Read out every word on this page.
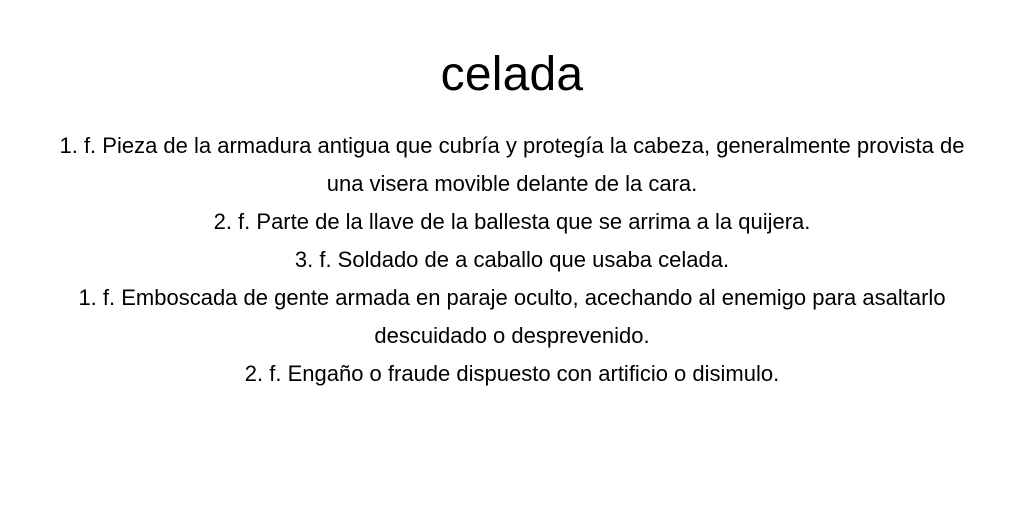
celada
1. f. Pieza de la armadura antigua que cubría y protegía la cabeza, generalmente provista de una visera movible delante de la cara.
2. f. Parte de la llave de la ballesta que se arrima a la quijera.
3. f. Soldado de a caballo que usaba celada.
1. f. Emboscada de gente armada en paraje oculto, acechando al enemigo para asaltarlo descuidado o desprevenido.
2. f. Engaño o fraude dispuesto con artificio o disimulo.
